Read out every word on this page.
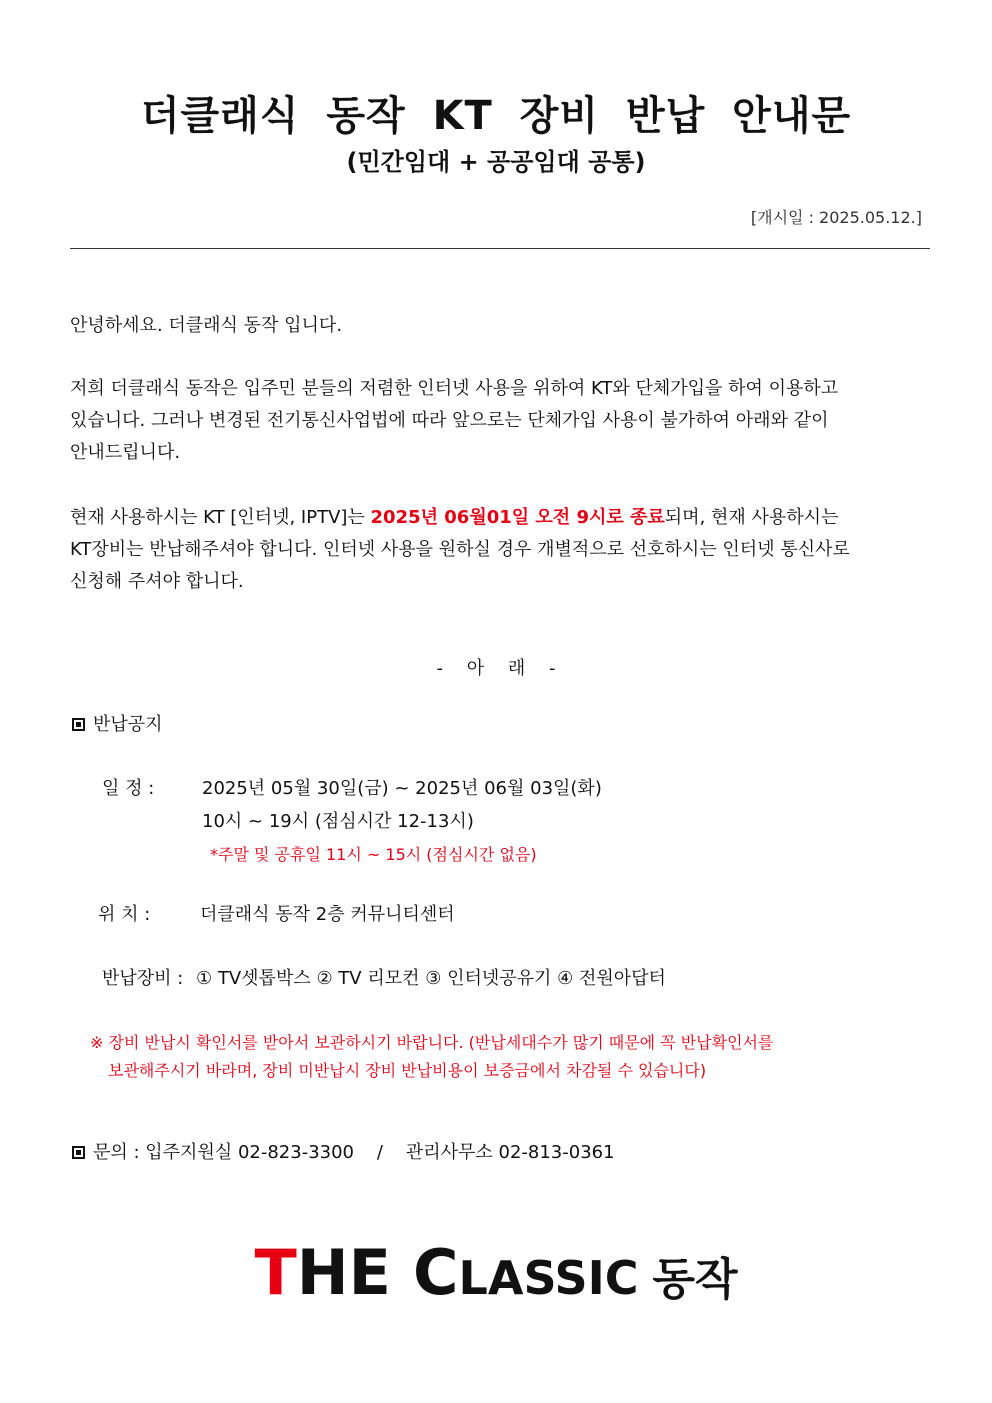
더클래식 동작 KT 장비 반납 안내문
(민간임대 + 공공임대 공통)
[개시일 : 2025.05.12.]
안녕하세요. 더클래식 동작 입니다.
저희 더클래식 동작은 입주민 분들의 저렴한 인터넷 사용을 위하여 KT와 단체가입을 하여 이용하고
있습니다. 그러나 변경된 전기통신사업법에 따라 앞으로는 단체가입 사용이 불가하여 아래와 같이
안내드립니다.
현재 사용하시는 KT [인터넷, IPTV]는 2025년 06월01일 오전 9시로 종료되며, 현재 사용하시는
KT장비는 반납해주셔야 합니다. 인터넷 사용을 원하실 경우 개별적으로 선호하시는 인터넷 통신사로
신청해 주셔야 합니다.
- 아 래 -
반납공지
일 정 :	2025년 05월 30일(금) ~ 2025년 06월 03일(화)
10시 ~ 19시 (점심시간 12-13시)
*주말 및 공휴일 11시 ~ 15시 (점심시간 없음)
위 치 :	더클래식 동작 2층 커뮤니티센터
반납장비 : ① TV셋톱박스 ② TV 리모컨 ③ 인터넷공유기 ④ 전원아답터
※ 장비 반납시 확인서를 받아서 보관하시기 바랍니다. (반납세대수가 많기 때문에 꼭 반납확인서를
보관해주시기 바라며, 장비 미반납시 장비 반납비용이 보증금에서 차감될 수 있습니다)
문의 : 입주지원실 02-823-3300    /    관리사무소 02-813-0361
THE CLASSIC 동작
